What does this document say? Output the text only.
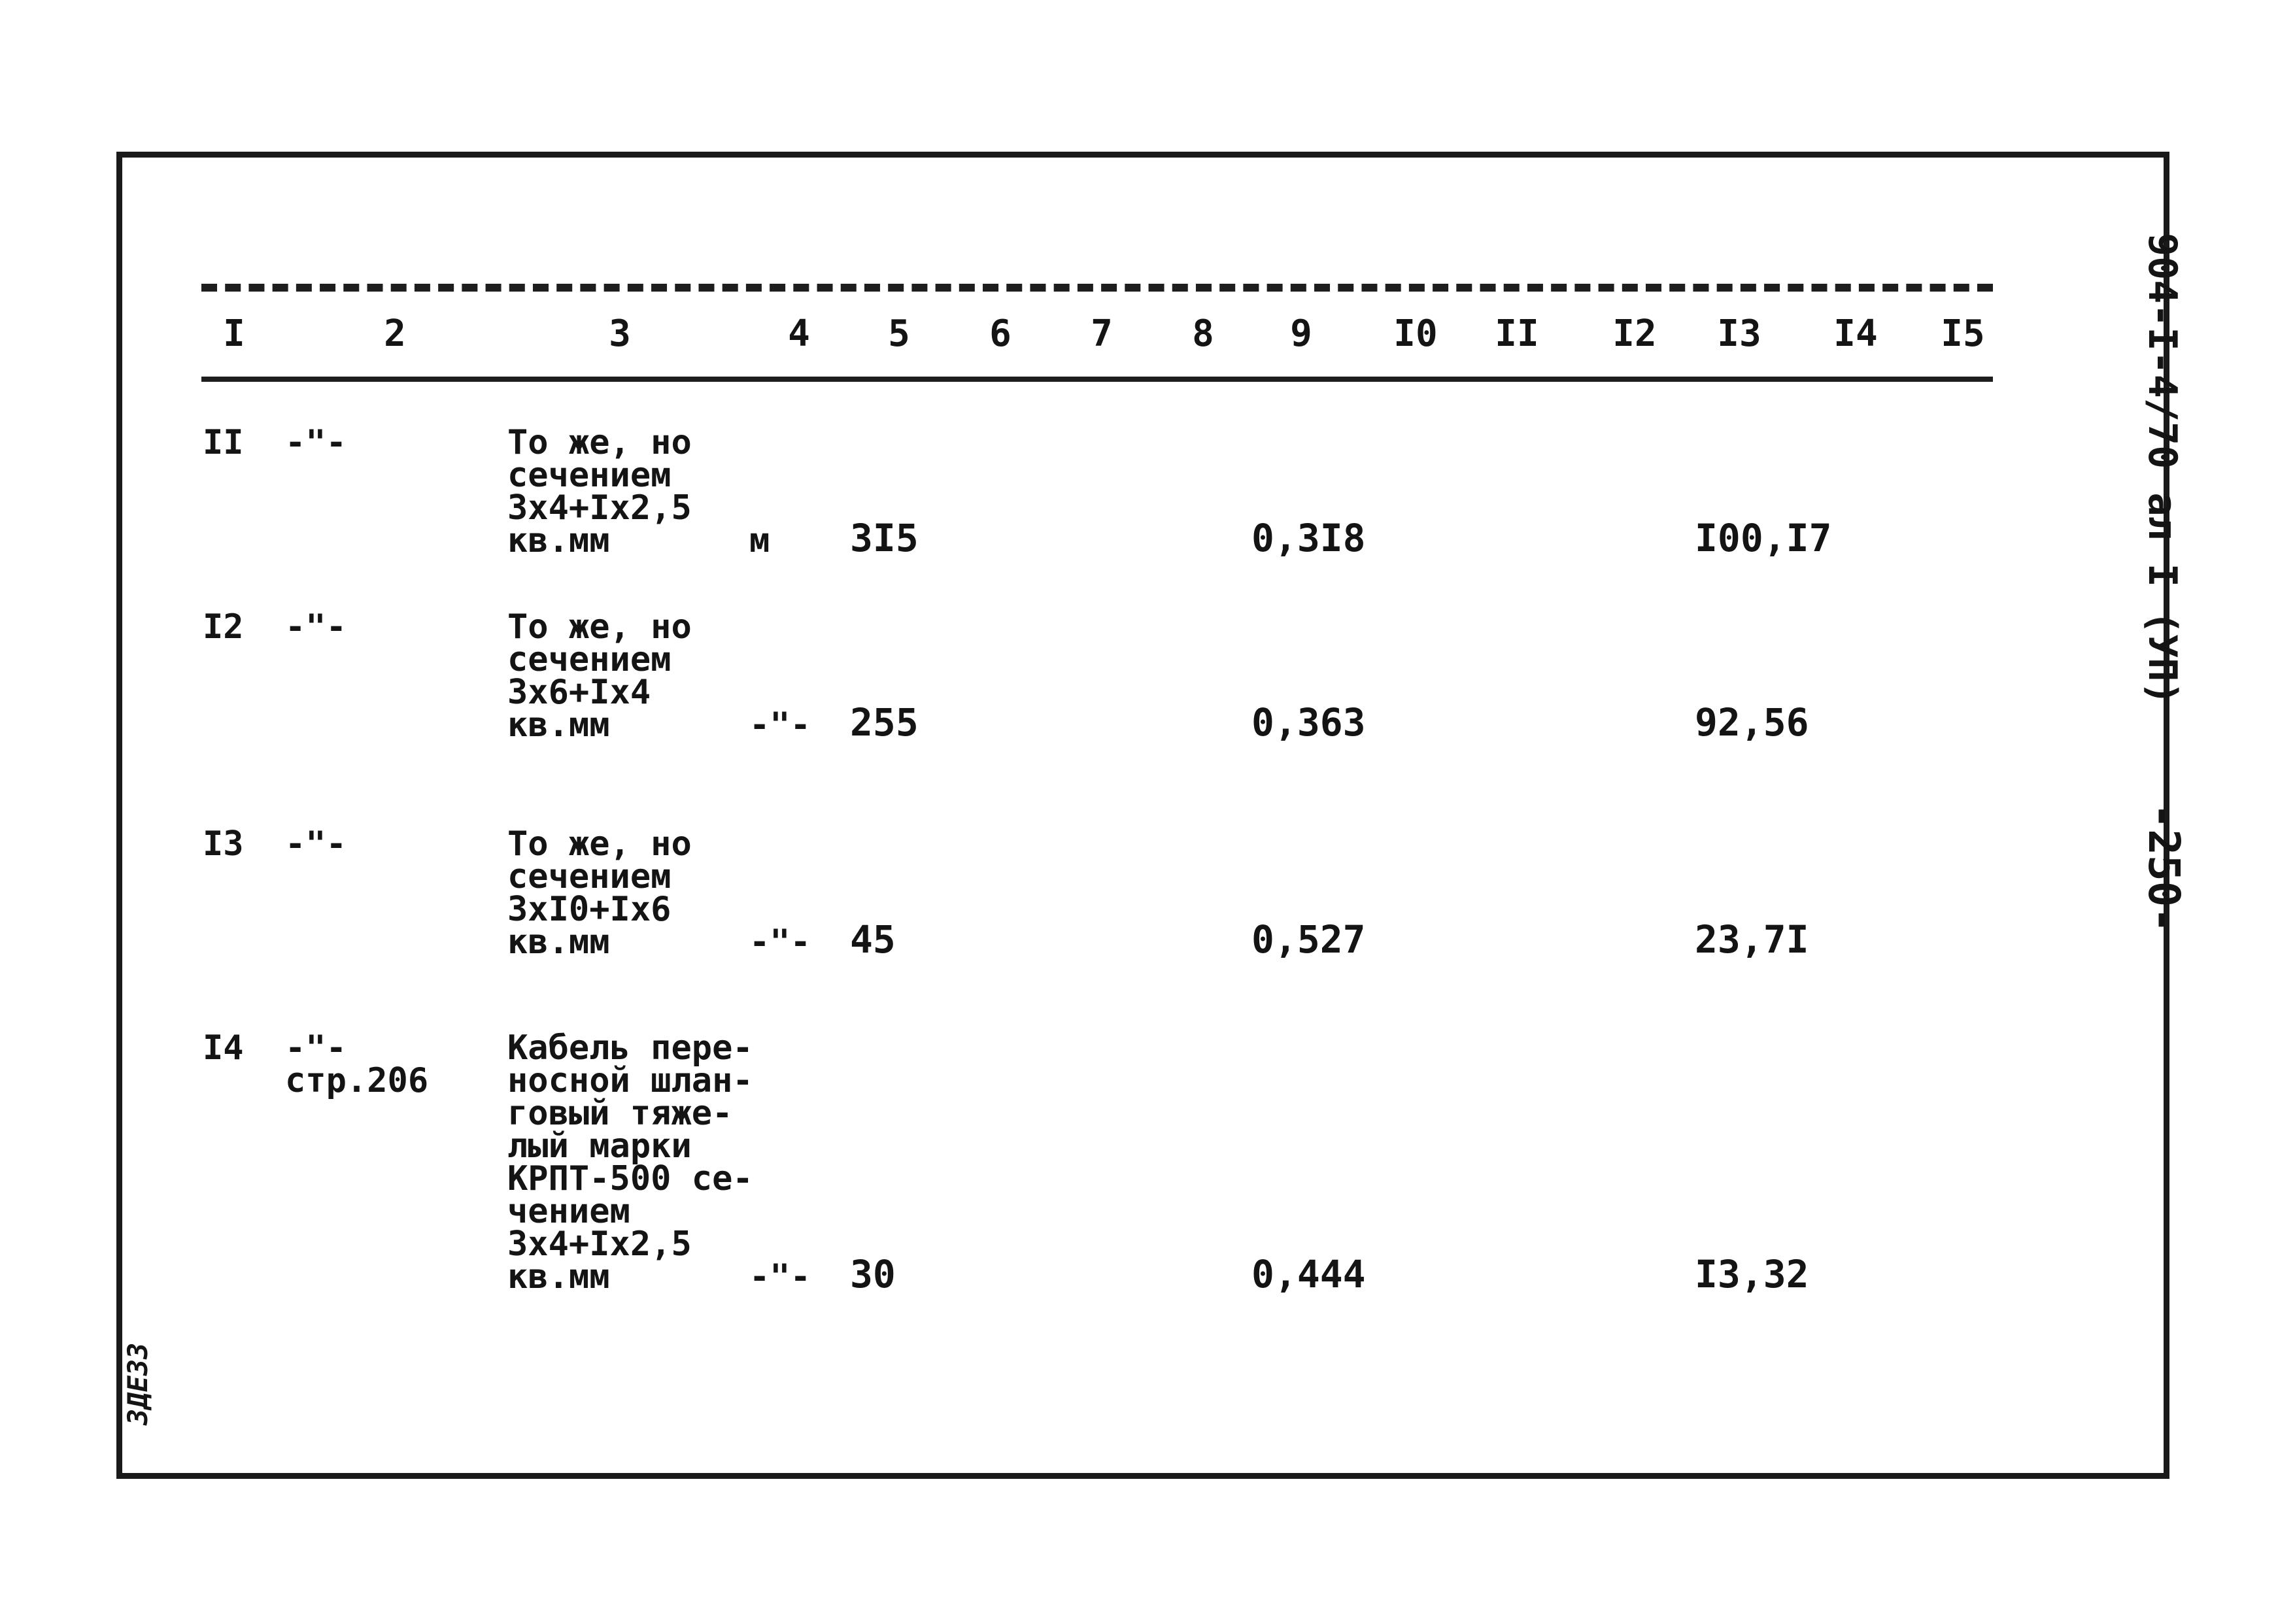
I	2	3	4 5 6 7 8 9 I0 II I2 I3 I4 I5
II -"-	То же, но
сечением
3х4+Iх2,5
кв.мм	м 3I5	0,3I8	I00,I7
I2 -"-	То же, но
сечением
3х6+Iх4
кв.мм	-"- 255	0,363	92,56
I3 -"-	То же, но
сечением
3хI0+Iх6
кв.мм	-"- 45	0,527	23,7I
I4 -"-
стр.206
Кабель пере-
носной шлан-
говый тяже-
лый марки
КРПТ-500 се-
чением
3х4+Iх2,5
кв.мм	-"- 30	0,444	I3,32
904-I-4/70 ал I (УП)-250-
ЗДЕЗЗ
